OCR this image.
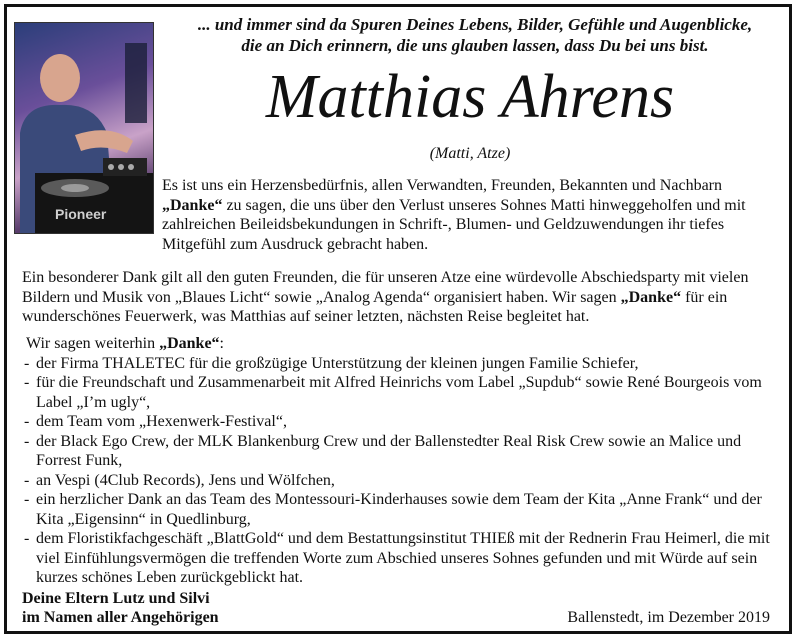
Pioneer
... und immer sind da Spuren Deines Lebens, Bilder, Gefühle und Augenblicke,
die an Dich erinnern, die uns glauben lassen, dass Du bei uns bist.
Matthias Ahrens
(Matti, Atze)
Es ist uns ein Herzensbedürfnis, allen Verwandten, Freunden, Bekannten und Nachbarn „Danke“ zu sagen, die uns über den Verlust unseres Sohnes Matti hinweggeholfen und mit zahlreichen Beileidsbekundungen in Schrift-, Blumen- und Geldzuwendungen ihr tiefes Mitgefühl zum Ausdruck gebracht haben.
Ein besonderer Dank gilt all den guten Freunden, die für unseren Atze eine würdevolle Abschiedsparty mit vielen Bildern und Musik von „Blaues Licht“ sowie „Analog Agenda“ organisiert haben. Wir sagen „Danke“ für ein wunderschönes Feuerwerk, was Matthias auf seiner letzten, nächsten Reise begleitet hat.
Wir sagen weiterhin „Danke“:
- der Firma THALETEC für die großzügige Unterstützung der kleinen jungen Familie Schiefer,
- für die Freundschaft und Zusammenarbeit mit Alfred Heinrichs vom Label „Supdub“ sowie René Bourgeois vom Label „I’m ugly“,
- dem Team vom „Hexenwerk-Festival“,
- der Black Ego Crew, der MLK Blankenburg Crew und der Ballenstedter Real Risk Crew sowie an Malice und Forrest Funk,
- an Vespi (4Club Records), Jens und Wölfchen,
- ein herzlicher Dank an das Team des Montessouri-Kinderhauses sowie dem Team der Kita „Anne Frank“ und der Kita „Eigensinn“ in Quedlinburg,
- dem Floristikfachgeschäft „BlattGold“ und dem Bestattungsinstitut THIEß mit der Rednerin Frau Heimerl, die mit viel Einfühlungsvermögen die treffenden Worte zum Abschied unseres Sohnes gefunden und mit Würde auf sein kurzes schönes Leben zurückgeblickt hat.
Deine Eltern Lutz und Silvi
im Namen aller Angehörigen	Ballenstedt, im Dezember 2019
